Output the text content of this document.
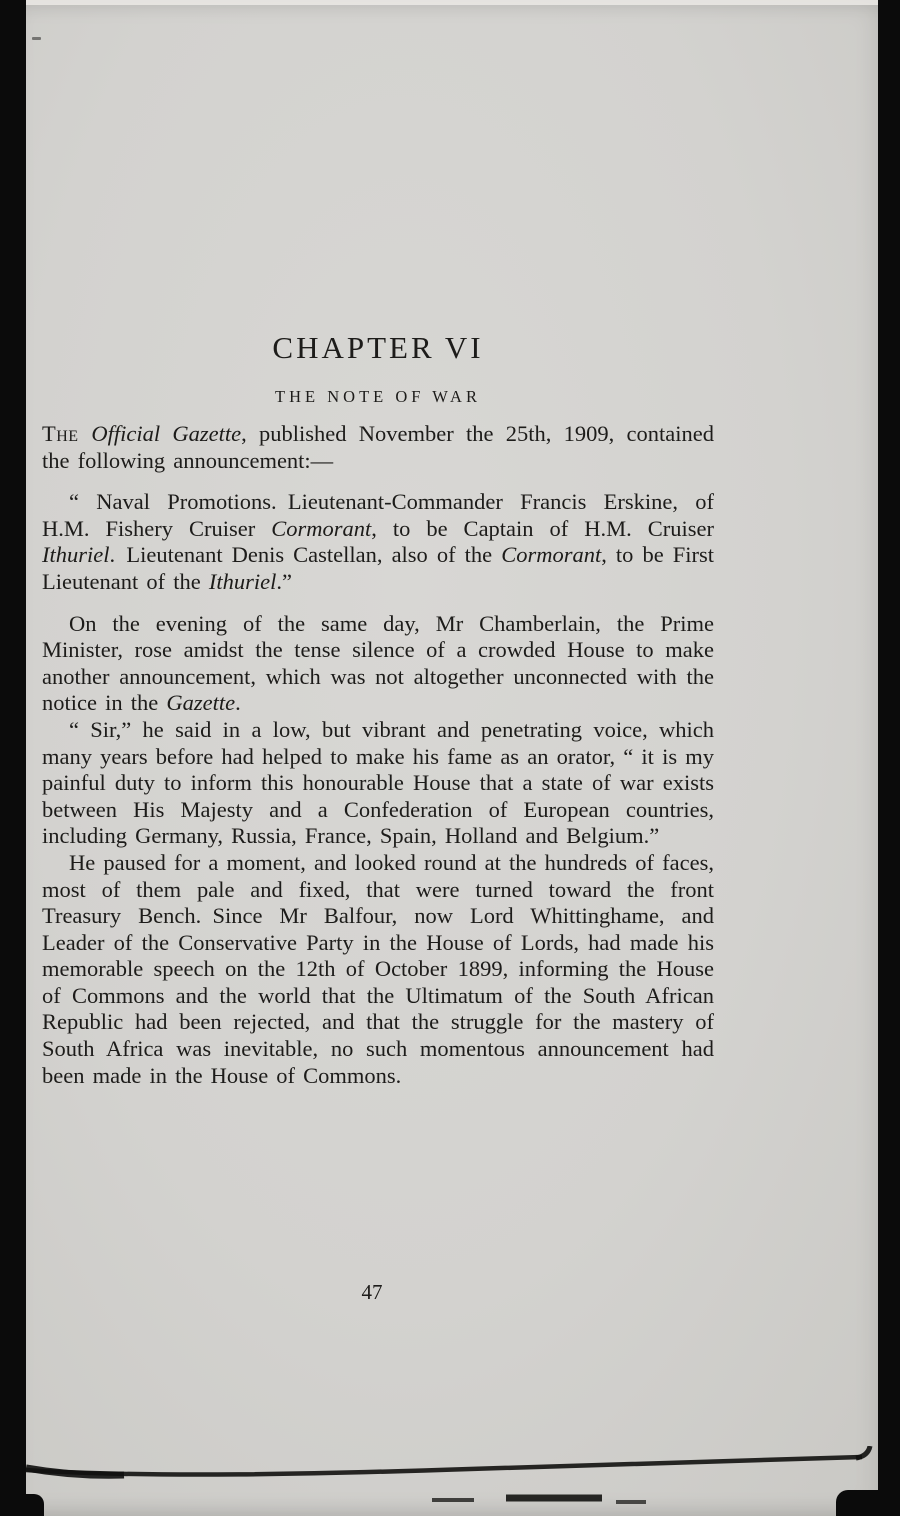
CHAPTER VI
THE NOTE OF WAR

The Official Gazette, published November the 25th, 1909, contained the following announcement:—

“ Naval Promotions. Lieutenant-Commander Francis Erskine, of H.M. Fishery Cruiser Cormorant, to be Captain of H.M. Cruiser Ithuriel. Lieutenant Denis Castellan, also of the Cormorant, to be First Lieutenant of the Ithuriel.”

On the evening of the same day, Mr Chamberlain, the Prime Minister, rose amidst the tense silence of a crowded House to make another announcement, which was not altogether unconnected with the notice in the Gazette.

“ Sir,” he said in a low, but vibrant and penetrating voice, which many years before had helped to make his fame as an orator, “ it is my painful duty to inform this honourable House that a state of war exists between His Majesty and a Confederation of European countries, including Germany, Russia, France, Spain, Holland and Belgium.”

He paused for a moment, and looked round at the hundreds of faces, most of them pale and fixed, that were turned toward the front Treasury Bench. Since Mr Balfour, now Lord Whittinghame, and Leader of the Conservative Party in the House of Lords, had made his memorable speech on the 12th of October 1899, informing the House of Commons and the world that the Ultimatum of the South African Republic had been rejected, and that the struggle for the mastery of South Africa was inevitable, no such momentous announcement had been made in the House of Commons.

47
